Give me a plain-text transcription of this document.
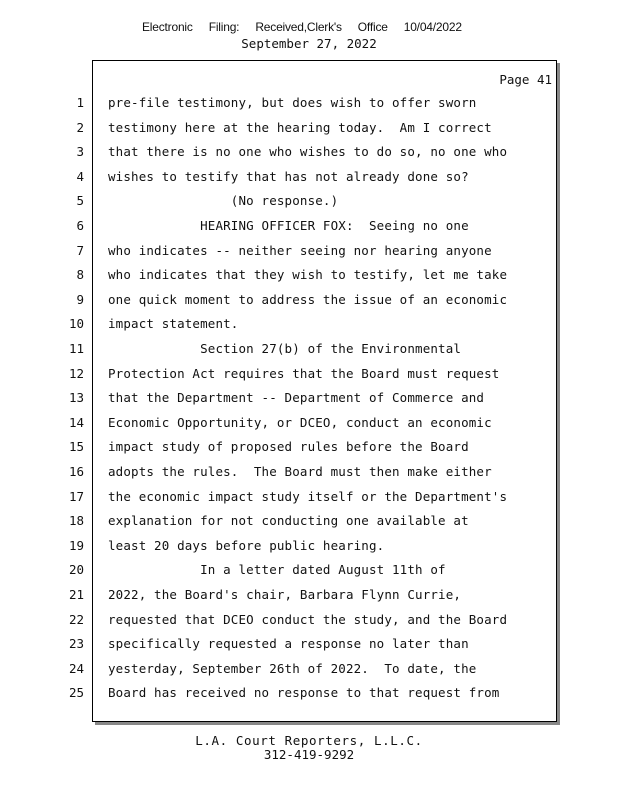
Electronic Filing: Received,Clerk's Office 10/04/2022
September 27, 2022
Page 41
1 pre-file testimony, but does wish to offer sworn
2 testimony here at the hearing today.  Am I correct
3 that there is no one who wishes to do so, no one who
4 wishes to testify that has not already done so?
5 (No response.)
6 HEARING OFFICER FOX:  Seeing no one
7 who indicates -- neither seeing nor hearing anyone
8 who indicates that they wish to testify, let me take
9 one quick moment to address the issue of an economic
10 impact statement.
11 Section 27(b) of the Environmental
12 Protection Act requires that the Board must request
13 that the Department -- Department of Commerce and
14 Economic Opportunity, or DCEO, conduct an economic
15 impact study of proposed rules before the Board
16 adopts the rules.  The Board must then make either
17 the economic impact study itself or the Department's
18 explanation for not conducting one available at
19 least 20 days before public hearing.
20 In a letter dated August 11th of
21 2022, the Board's chair, Barbara Flynn Currie,
22 requested that DCEO conduct the study, and the Board
23 specifically requested a response no later than
24 yesterday, September 26th of 2022.  To date, the
25 Board has received no response to that request from
L.A. Court Reporters, L.L.C.
312-419-9292
